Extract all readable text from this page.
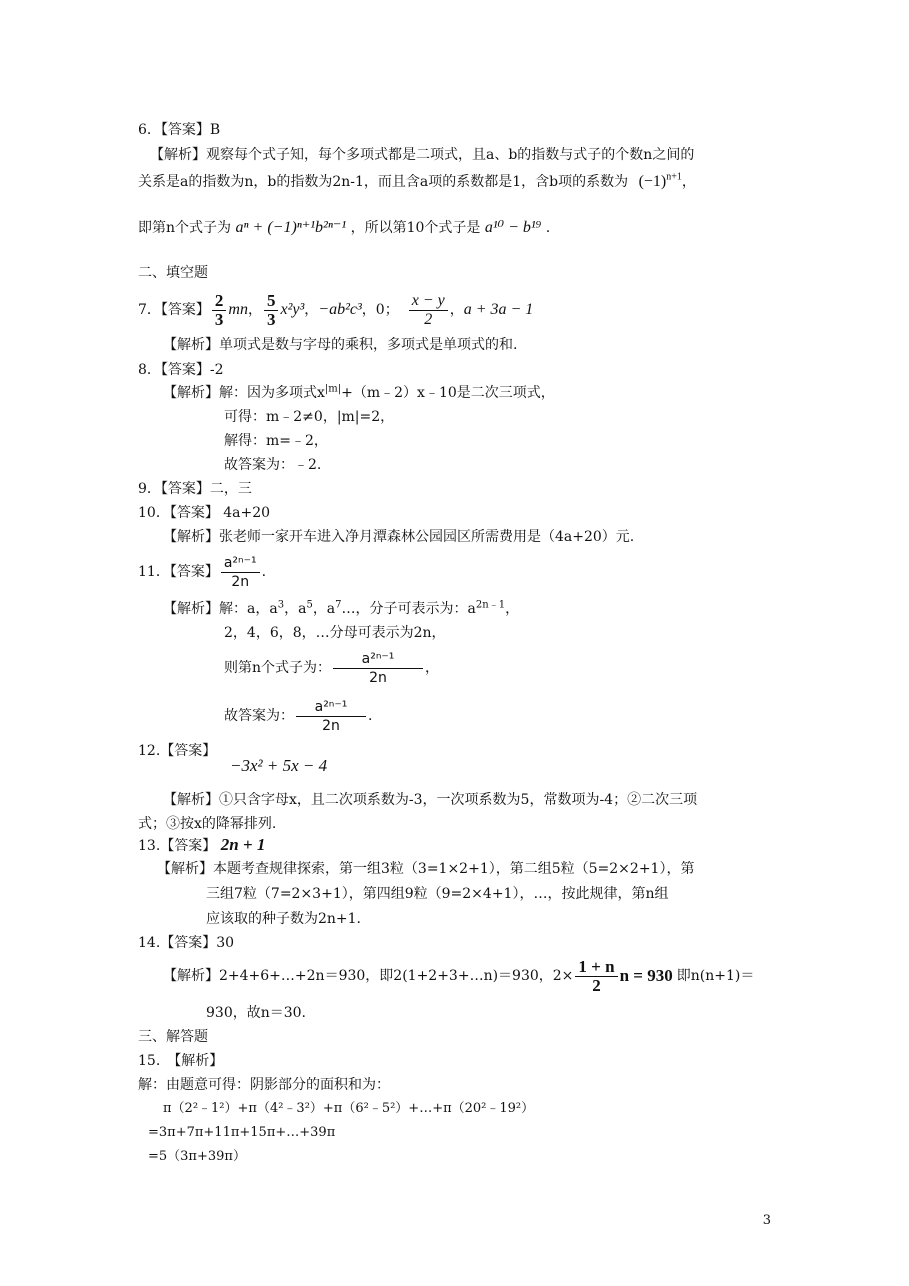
6．【答案】B
【解析】观察每个式子知，每个多项式都是二项式，且a、b的指数与式子的个数n之间的
关系是a的指数为n，b的指数为2n-1，而且含a项的系数都是1，含b项的系数为 $(-1)^{n+1}$，
即第n个式子为 aⁿ + (−1)ⁿ⁺¹b²ⁿ⁻¹ ，所以第10个式子是 a¹⁰ − b¹⁹ .
二、填空题
7．【答案】 $\frac{2}{3}$ mn ， $\frac{5}{3} x^2y^3$ ， −ab²c³ ，0； $\frac{x - y}{2}$ ， a + 3a − 1
【解析】单项式是数与字母的乘积，多项式是单项式的和.
8．【答案】-2
【解析】解：因为多项式$x^{|m|}+(m﹣2)x﹣10$是二次三项式，
可得：m﹣2≠0，|m|=2，
解得：m=﹣2，
故答案为：﹣2.
9．【答案】二，三
10．【答案】 4a+20
【解析】张老师一家开车进入净月潭森林公园园区所需费用是（4a+20）元.
11．【答案】 $\frac{\text{a²ⁿ⁻¹}}{2n}$ .
【解析】解：a，$a^3$，$a^5$，$a^7\dots$，分子可表示为：$a^{2n﹣1}$，
2，4，6，8，…分母可表示为2n，
则第n个式子为： $\frac{\text{a²ⁿ⁻¹}}{2n}$ ，
故答案为： $\frac{\text{a²ⁿ⁻¹}}{2n}$ .
12.【答案】
−3x² + 5x − 4
【解析】①只含字母x，且二次项系数为-3，一次项系数为5，常数项为-4；②二次三项
式；③按x的降幂排列.
13.【答案】 2n + 1
【解析】本题考查规律探索，第一组3粒（3=1×2+1），第二组5粒（5=2×2+1），第
三组7粒（7=2×3+1），第四组9粒（9=2×4+1），…，按此规律，第n组
应该取的种子数为2n+1.
14.【答案】30
【解析】2+4+6+…+2n＝930，即2(1+2+3+…n)＝930，$2\times \frac{1 + n}{2}$ n = 930 即n(n+1)＝
930，故n＝30.
三、解答题
15.　【解析】
解：由题意可得：阴影部分的面积和为：
π（2²﹣1²）+π（4²﹣3²）+π（6²﹣5²）+…+π（20²﹣19²）
=3π+7π+11π+15π+…+39π
=5（3π+39π）
3
